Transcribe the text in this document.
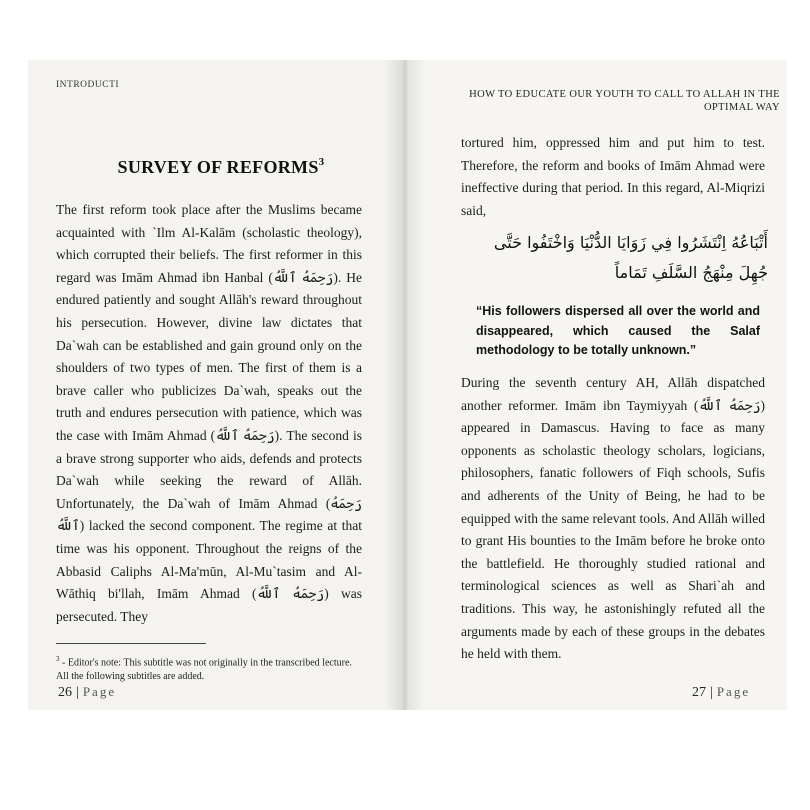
INTRODUCTI
HOW TO EDUCATE OUR YOUTH TO CALL TO ALLAH IN THE OPTIMAL WAY
SURVEY OF REFORMS$^3$

The first reform took place after the Muslims became acquainted with `Ilm Al-Kalām (scholastic theology), which corrupted their beliefs. The first reformer in this regard was Imām Ahmad ibn Hanbal (رَحِمَهُ ٱللَّهُ). He endured patiently and sought Allāh's reward throughout his persecution. However, divine law dictates that Da`wah can be established and gain ground only on the shoulders of two types of men. The first of them is a brave caller who publicizes Da`wah, speaks out the truth and endures persecution with patience, which was the case with Imām Ahmad (رَحِمَهُ ٱللَّهُ). The second is a brave strong supporter who aids, defends and protects Da`wah while seeking the reward of Allāh. Unfortunately, the Da`wah of Imām Ahmad (رَحِمَهُ ٱللَّهُ) lacked the second component. The regime at that time was his opponent. Throughout the reigns of the Abbasid Caliphs Al-Ma'mūn, Al-Mu`tasim and Al-Wāthiq bi'llah, Imām Ahmad (رَحِمَهُ ٱللَّهُ) was persecuted. They

$^3$ - Editor's note: This subtitle was not originally in the transcribed lecture. All the following subtitles are added.

26 | Page

tortured him, oppressed him and put him to test. Therefore, the reform and books of Imām Ahmad were ineffective during that period. In this regard, Al-Miqrizi said,

أَتْبَاعُهُ اِنْتَشَرُوا فِي زَوَايَا الدُّنْيَا وَاخْتَفُوا حَتَّى جُهِلَ مِنْهَجُ السَّلَفِ تَمَاماً

“His followers dispersed all over the world and disappeared, which caused the Salaf methodology to be totally unknown.”

During the seventh century AH, Allāh dispatched another reformer. Imām ibn Taymiyyah (رَحِمَهُ ٱللَّهُ) appeared in Damascus. Having to face as many opponents as scholastic theology scholars, logicians, philosophers, fanatic followers of Fiqh schools, Sufis and adherents of the Unity of Being, he had to be equipped with the same relevant tools. And Allāh willed to grant His bounties to the Imām before he broke onto the battlefield. He thoroughly studied rational and terminological sciences as well as Shari`ah and traditions. This way, he astonishingly refuted all the arguments made by each of these groups in the debates he held with them.

27 | Page
